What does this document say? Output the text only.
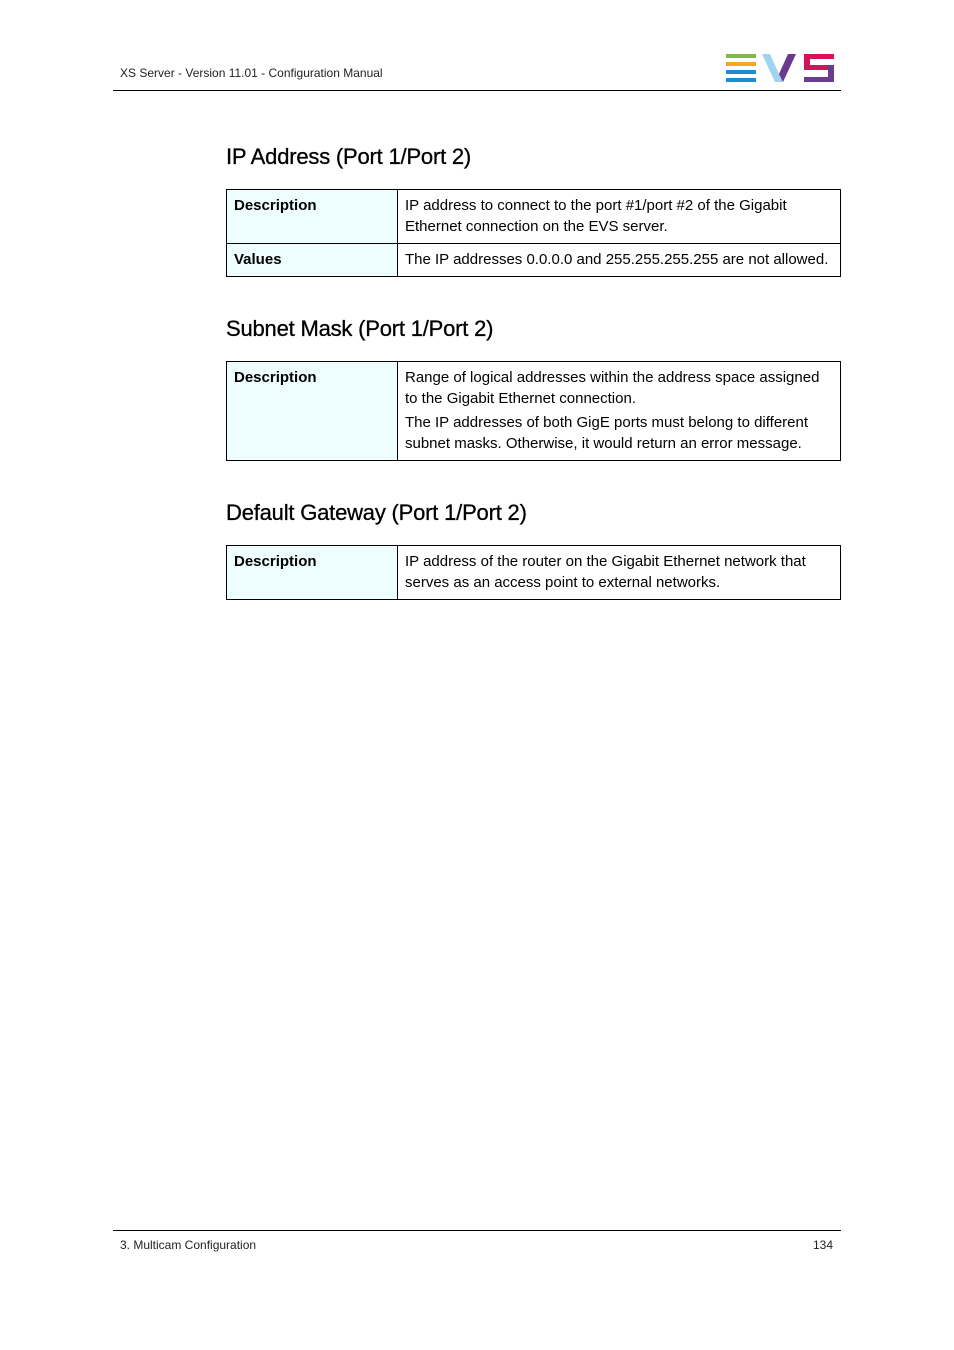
XS Server - Version 11.01 - Configuration Manual
IP Address (Port 1/Port 2)
Description	IP address to connect to the port #1/port #2 of the Gigabit Ethernet connection on the EVS server.

Values	The IP addresses 0.0.0.0 and 255.255.255.255 are not allowed.

Subnet Mask (Port 1/Port 2)
Description	Range of logical addresses within the address space assigned to the Gigabit Ethernet connection.

The IP addresses of both GigE ports must belong to different subnet masks. Otherwise, it would return an error message.

Default Gateway (Port 1/Port 2)
Description	IP address of the router on the Gigabit Ethernet network that serves as an access point to external networks.

3. Multicam Configuration	134
